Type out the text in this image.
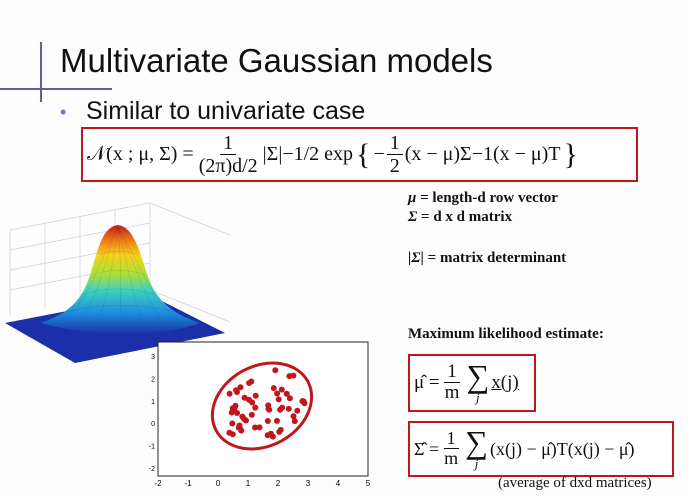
Multivariate Gaussian models
• Similar to univariate case
𝒩(x ; μ, $\Sigma) = \frac{1}{(2\pi)d/2} |\Sigma|-1/2$ exp { − $\frac{1}{2} (x - \mu)\Sigma-1(x - \mu)T$ }
μ = length-d row vector
Σ = d x d matrix
|Σ| = matrix determinant
Maximum likelihood estimate:
μ̂ = $\frac{1}{m}$ ∑
j
x(j)
Σ̂ = $\frac{1}{m}$ ∑
j
(x(j) − μ̂)T(x(j) − μ̂)
(average of dxd matrices)
3
2
1
0
-1
-2
-2	-1	0	1	2	3	4	5
